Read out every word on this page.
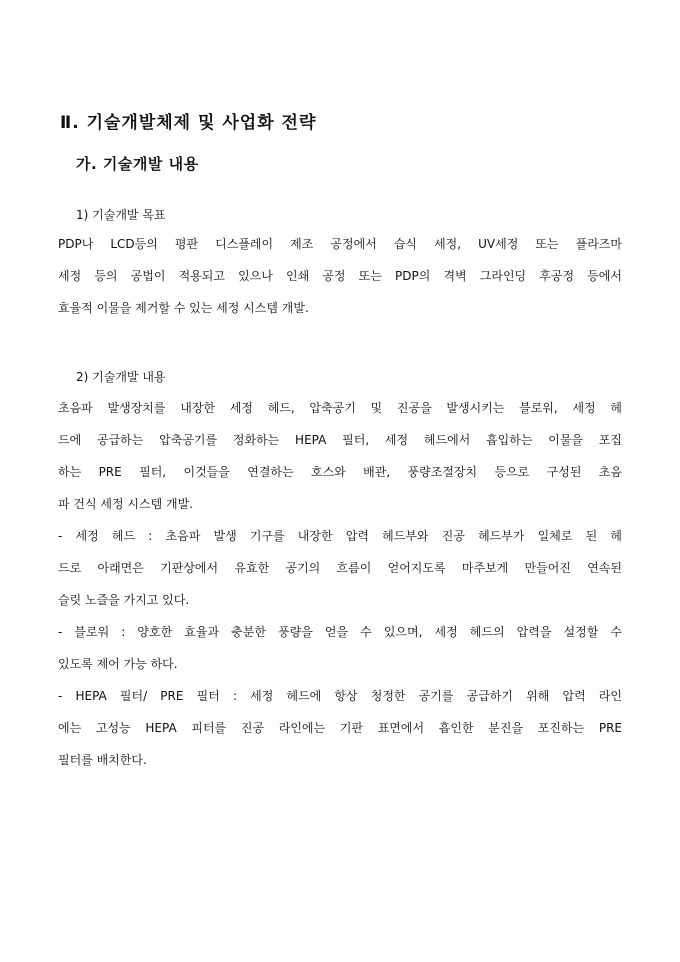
Ⅱ. 기술개발체제 및 사업화 전략
가. 기술개발 내용
1) 기술개발 목표
PDP나 LCD등의 평판 디스플레이 제조 공정에서 습식 세정, UV세정 또는 플라즈마
세정 등의 공법이 적용되고 있으나 인쇄 공정 또는 PDP의 격벽 그라인딩 후공정 등에서
효율적 이물을 제거할 수 있는 세정 시스템 개발.
2) 기술개발 내용
초음파 발생장치를 내장한 세정 헤드, 압축공기 및 진공을 발생시키는 블로워, 세정 헤
드에 공급하는 압축공기를 정화하는 HEPA 필터, 세정 헤드에서 흡입하는 이물을 포집
하는 PRE 필터, 이것들을 연결하는 호스와 배관, 풍량조절장치 등으로 구성된 초음
파 건식 세정 시스템 개발.
- 세정 헤드 : 초음파 발생 기구를 내장한 압력 헤드부와 진공 헤드부가 일체로 된 헤
드로 아래면은 기판상에서 유효한 공기의 흐름이 얻어지도록 마주보게 만들어진 연속된
슬릿 노즐을 가지고 있다.
- 블로워 : 양호한 효율과 충분한 풍량을 얻을 수 있으며, 세정 헤드의 압력을 설정할 수
있도록 제어 가능 하다.
- HEPA 필터/ PRE 필터 : 세정 헤드에 항상 청정한 공기를 공급하기 위해 압력 라인
에는 고성능 HEPA 피터를 진공 라인에는 기판 표면에서 흡인한 분진을 포진하는 PRE
필터를 배치한다.
